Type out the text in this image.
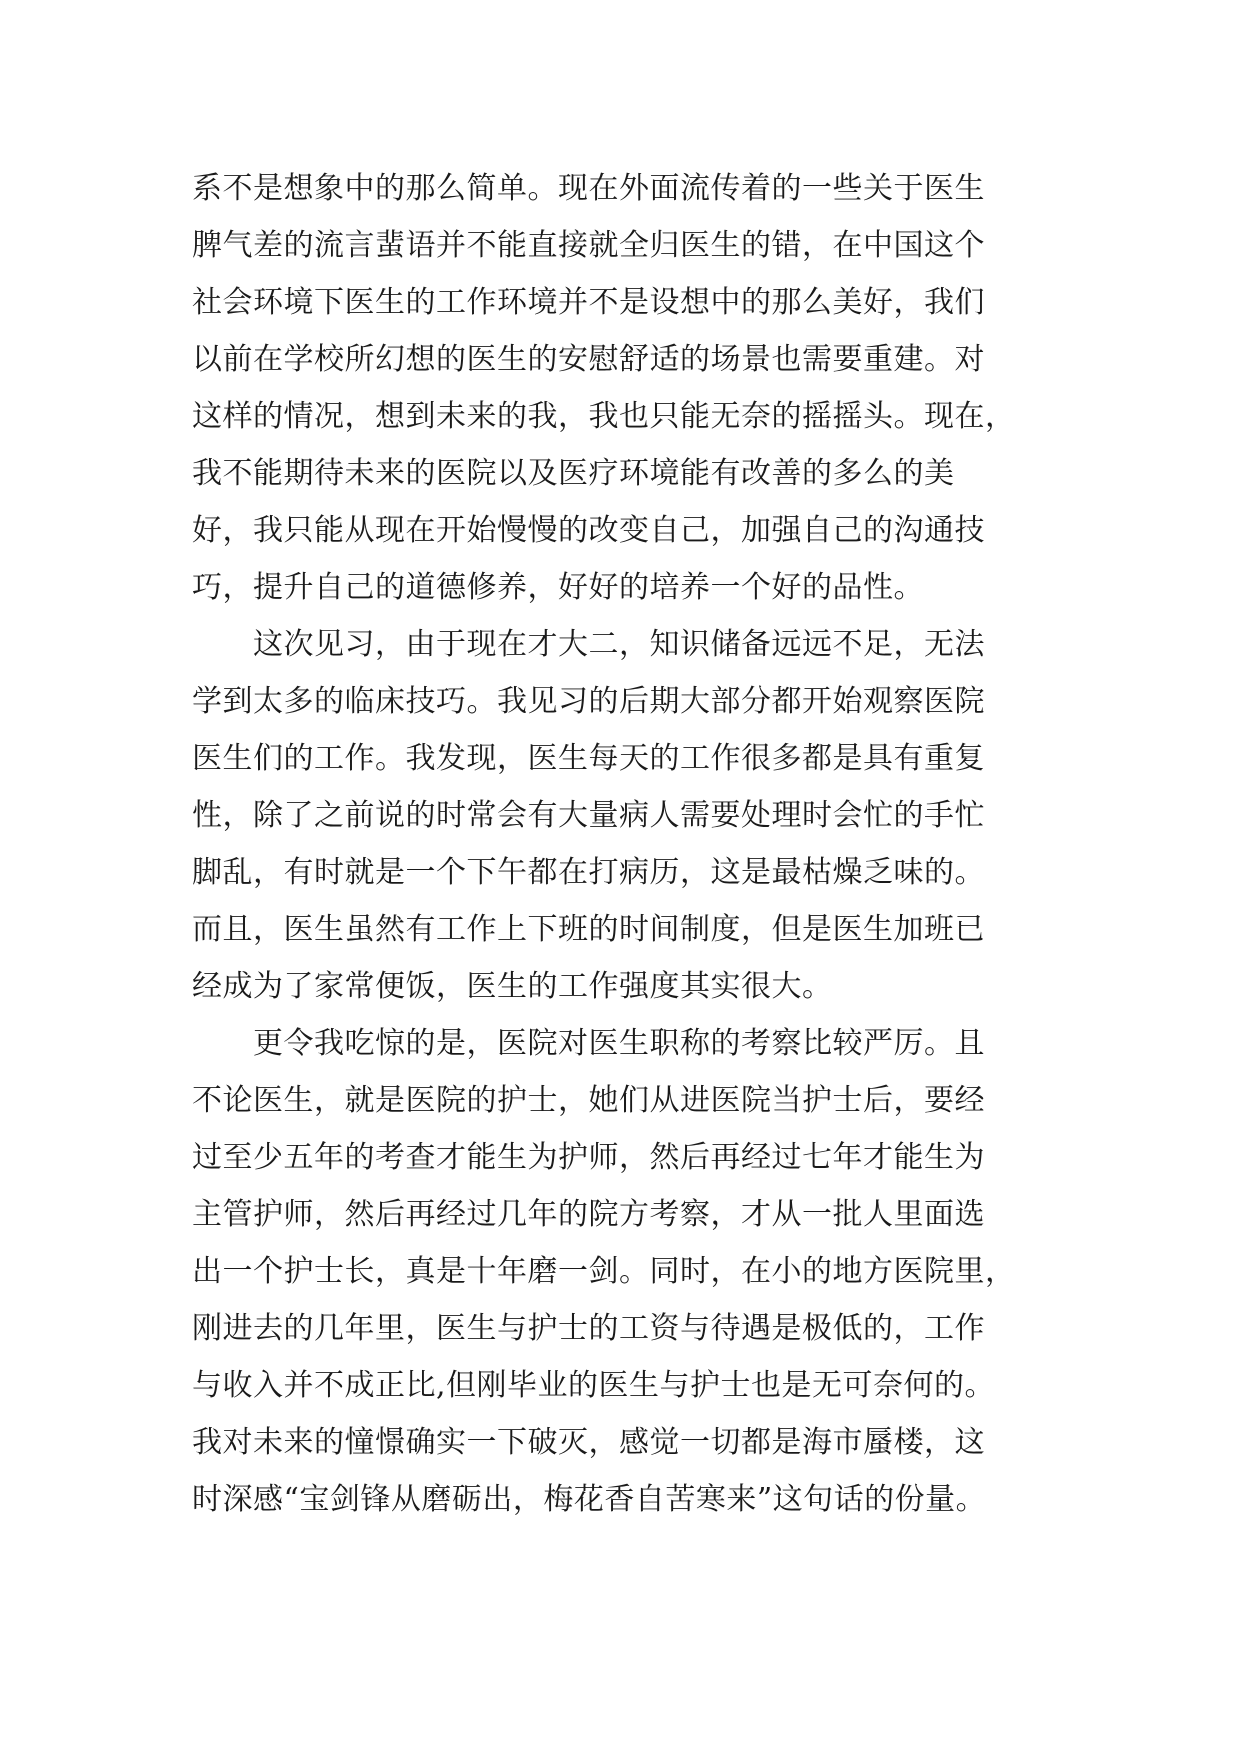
系不是想象中的那么简单。现在外面流传着的一些关于医生
脾气差的流言蜚语并不能直接就全归医生的错，在中国这个
社会环境下医生的工作环境并不是设想中的那么美好，我们
以前在学校所幻想的医生的安慰舒适的场景也需要重建。对
这样的情况，想到未来的我，我也只能无奈的摇摇头。现在，
我不能期待未来的医院以及医疗环境能有改善的多么的美
好，我只能从现在开始慢慢的改变自己，加强自己的沟通技
巧，提升自己的道德修养，好好的培养一个好的品性。
　　这次见习，由于现在才大二，知识储备远远不足，无法
学到太多的临床技巧。我见习的后期大部分都开始观察医院
医生们的工作。我发现，医生每天的工作很多都是具有重复
性，除了之前说的时常会有大量病人需要处理时会忙的手忙
脚乱，有时就是一个下午都在打病历，这是最枯燥乏味的。
而且，医生虽然有工作上下班的时间制度，但是医生加班已
经成为了家常便饭，医生的工作强度其实很大。
　　更令我吃惊的是，医院对医生职称的考察比较严厉。且
不论医生，就是医院的护士，她们从进医院当护士后，要经
过至少五年的考查才能生为护师，然后再经过七年才能生为
主管护师，然后再经过几年的院方考察，才从一批人里面选
出一个护士长，真是十年磨一剑。同时，在小的地方医院里，
刚进去的几年里，医生与护士的工资与待遇是极低的，工作
与收入并不成正比,但刚毕业的医生与护士也是无可奈何的。
我对未来的憧憬确实一下破灭，感觉一切都是海市蜃楼，这
时深感“宝剑锋从磨砺出，梅花香自苦寒来”这句话的份量。
